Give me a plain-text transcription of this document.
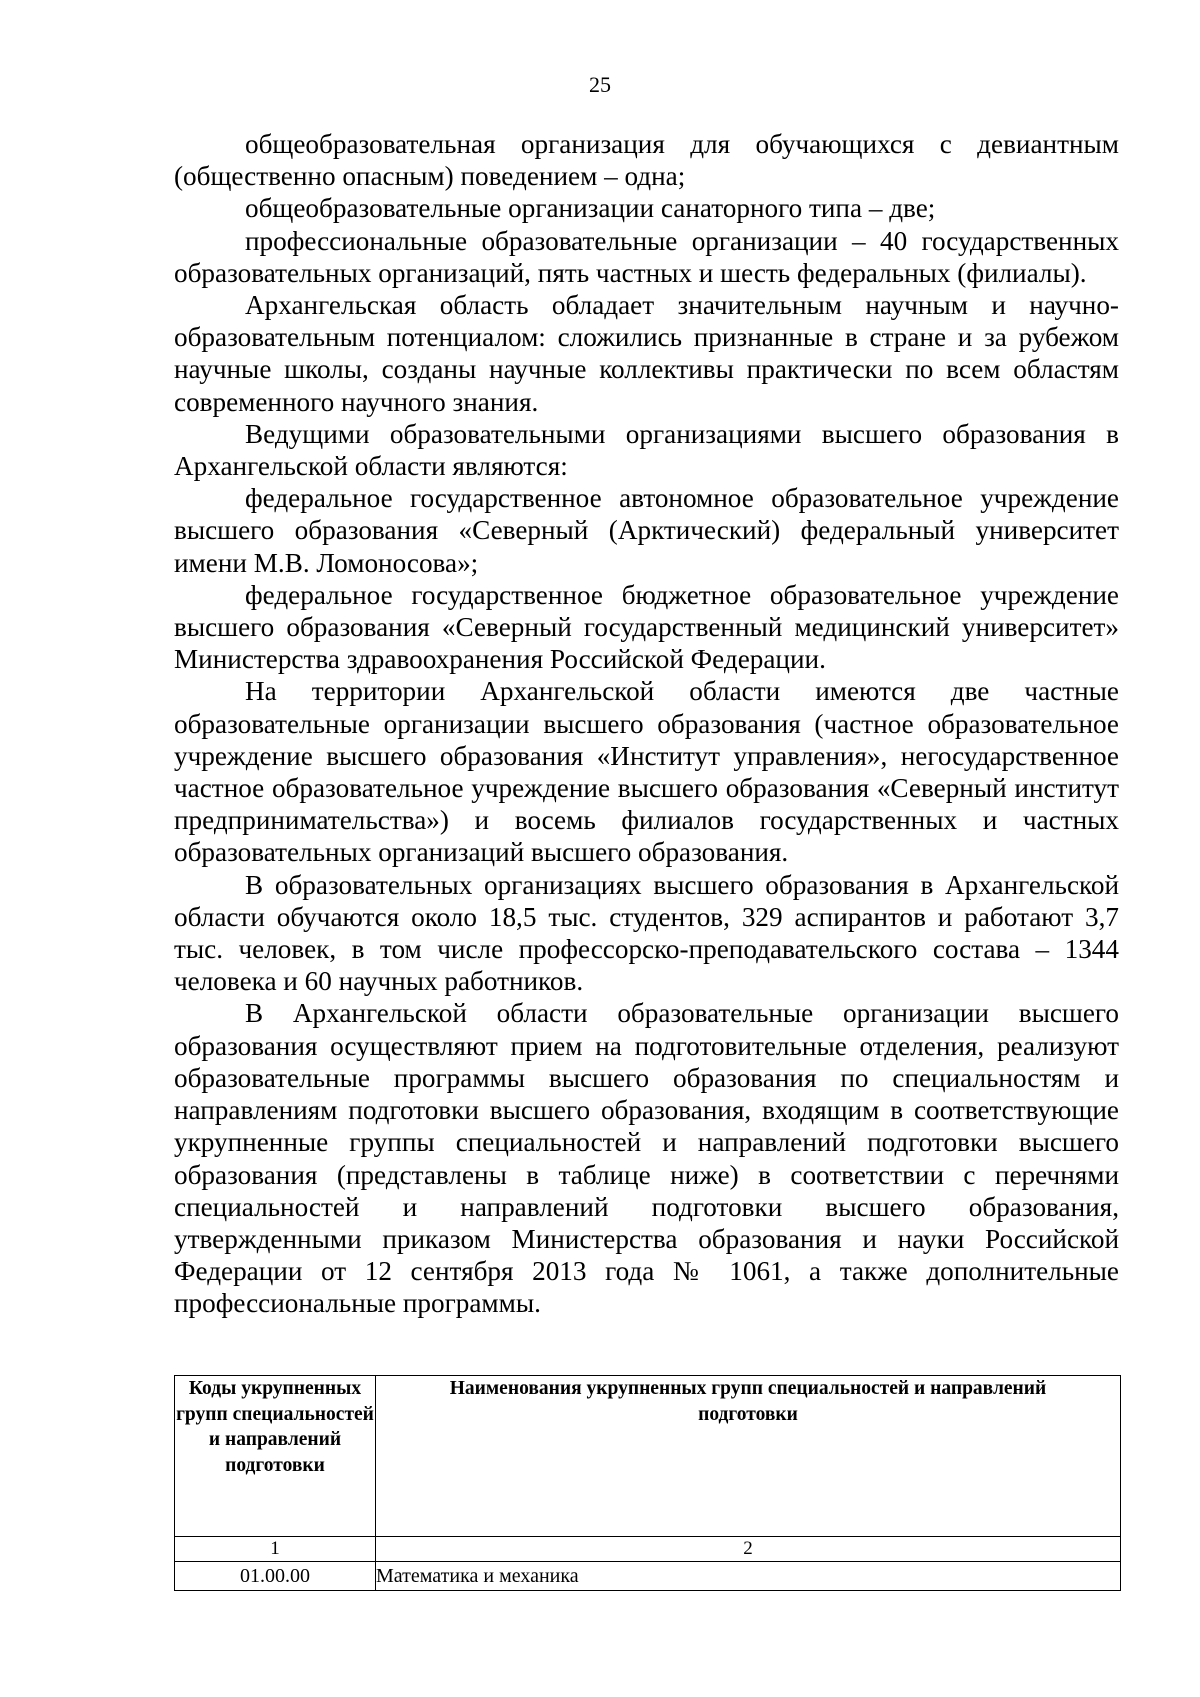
25

общеобразовательная организация для обучающихся с девиантным (общественно опасным) поведением – одна;

общеобразовательные организации санаторного типа – две;

профессиональные образовательные организации – 40 государственных образовательных организаций, пять частных и шесть федеральных (филиалы).

Архангельская область обладает значительным научным и научно-образовательным потенциалом: сложились признанные в стране и за рубежом научные школы, созданы научные коллективы практически по всем областям современного научного знания.

Ведущими образовательными организациями высшего образования в Архангельской области являются:

федеральное государственное автономное образовательное учреждение высшего образования «Северный (Арктический) федеральный университет имени М.В. Ломоносова»;

федеральное государственное бюджетное образовательное учреждение высшего образования «Северный государственный медицинский университет» Министерства здравоохранения Российской Федерации.

На территории Архангельской области имеются две частные образовательные организации высшего образования (частное образовательное учреждение высшего образования «Институт управления», негосударственное частное образовательное учреждение высшего образования «Северный институт предпринимательства») и восемь филиалов государственных и частных образовательных организаций высшего образования.

В образовательных организациях высшего образования в Архангельской области обучаются около 18,5 тыс. студентов, 329 аспирантов и работают 3,7 тыс. человек, в том числе профессорско-преподавательского состава – 1344 человека и 60 научных работников.

В Архангельской области образовательные организации высшего образования осуществляют прием на подготовительные отделения, реализуют образовательные программы высшего образования по специальностям и направлениям подготовки высшего образования, входящим в соответствующие укрупненные группы специальностей и направлений подготовки высшего образования (представлены в таблице ниже) в соответствии с перечнями специальностей и направлений подготовки высшего образования, утвержденными приказом Министерства образования и науки Российской Федерации от 12 сентября 2013 года № 1061, а также дополнительные профессиональные программы.

Коды укрупненных групп специальностей и направлений подготовки	Наименования укрупненных групп специальностей и направлений подготовки

1	2
01.00.00	Математика и механика
